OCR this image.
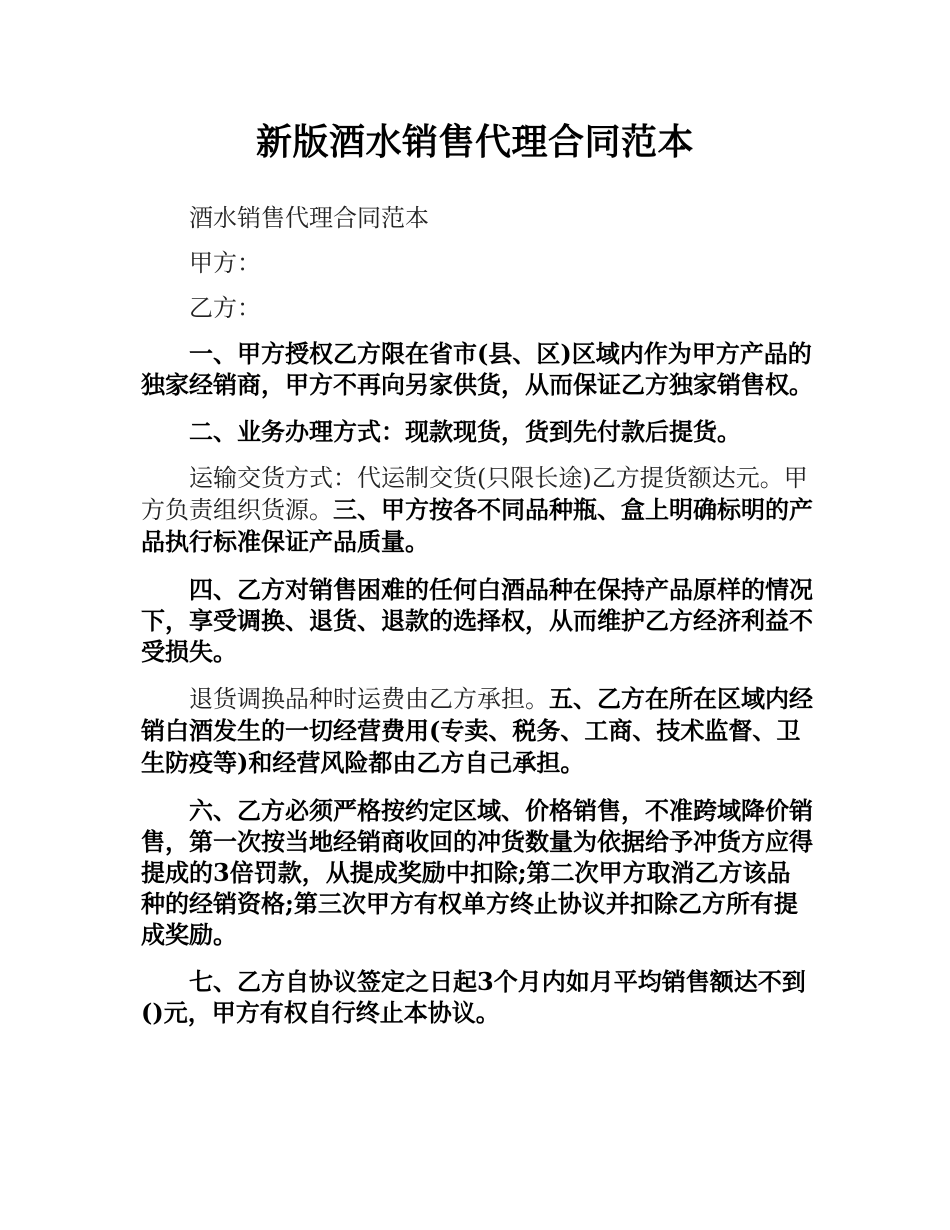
新版酒水销售代理合同范本

酒水销售代理合同范本

甲方：

乙方：

一、甲方授权乙方限在省市(县、区)区域内作为甲方产品的独家经销商，甲方不再向另家供货，从而保证乙方独家销售权。

二、业务办理方式：现款现货，货到先付款后提货。

运输交货方式：代运制交货(只限长途)乙方提货额达元。甲方负责组织货源。三、甲方按各不同品种瓶、盒上明确标明的产品执行标准保证产品质量。

四、乙方对销售困难的任何白酒品种在保持产品原样的情况下，享受调换、退货、退款的选择权，从而维护乙方经济利益不受损失。

退货调换品种时运费由乙方承担。五、乙方在所在区域内经销白酒发生的一切经营费用(专卖、税务、工商、技术监督、卫生防疫等)和经营风险都由乙方自己承担。

六、乙方必须严格按约定区域、价格销售，不准跨域降价销售，第一次按当地经销商收回的冲货数量为依据给予冲货方应得提成的3倍罚款，从提成奖励中扣除;第二次甲方取消乙方该品种的经销资格;第三次甲方有权单方终止协议并扣除乙方所有提成奖励。

七、乙方自协议签定之日起3个月内如月平均销售额达不到()元，甲方有权自行终止本协议。
